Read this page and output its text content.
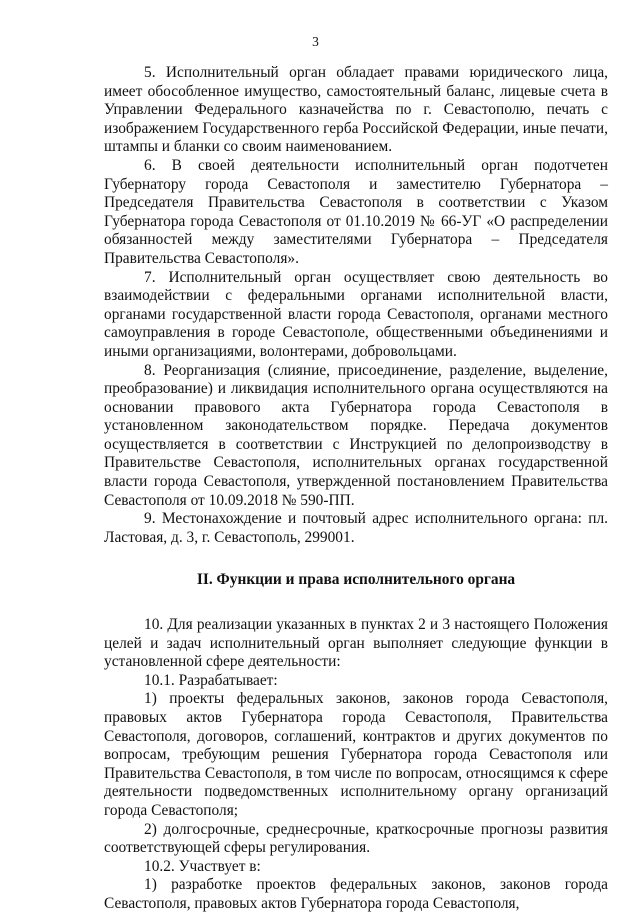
3

5. Исполнительный орган обладает правами юридического лица, имеет обособленное имущество, самостоятельный баланс, лицевые счета в Управлении Федерального казначейства по г. Севастополю, печать с изображением Государственного герба Российской Федерации, иные печати, штампы и бланки со своим наименованием.

6. В своей деятельности исполнительный орган подотчетен Губернатору города Севастополя и заместителю Губернатора – Председателя Правительства Севастополя в соответствии с Указом Губернатора города Севастополя от 01.10.2019 № 66-УГ «О распределении обязанностей между заместителями Губернатора – Председателя Правительства Севастополя».

7. Исполнительный орган осуществляет свою деятельность во взаимодействии с федеральными органами исполнительной власти, органами государственной власти города Севастополя, органами местного самоуправления в городе Севастополе, общественными объединениями и иными организациями, волонтерами, добровольцами.

8. Реорганизация (слияние, присоединение, разделение, выделение, преобразование) и ликвидация исполнительного органа осуществляются на основании правового акта Губернатора города Севастополя в установленном законодательством порядке. Передача документов осуществляется в соответствии с Инструкцией по делопроизводству в Правительстве Севастополя, исполнительных органах государственной власти города Севастополя, утвержденной постановлением Правительства Севастополя от 10.09.2018 № 590-ПП.

9. Местонахождение и почтовый адрес исполнительного органа: пл. Ластовая, д. 3, г. Севастополь, 299001.

II. Функции и права исполнительного органа

10. Для реализации указанных в пунктах 2 и 3 настоящего Положения целей и задач исполнительный орган выполняет следующие функции в установленной сфере деятельности:

10.1. Разрабатывает:

1) проекты федеральных законов, законов города Севастополя, правовых актов Губернатора города Севастополя, Правительства Севастополя, договоров, соглашений, контрактов и других документов по вопросам, требующим решения Губернатора города Севастополя или Правительства Севастополя, в том числе по вопросам, относящимся к сфере деятельности подведомственных исполнительному органу организаций города Севастополя;

2) долгосрочные, среднесрочные, краткосрочные прогнозы развития соответствующей сферы регулирования.

10.2. Участвует в:

1) разработке проектов федеральных законов, законов города Севастополя, правовых актов Губернатора города Севастополя,
